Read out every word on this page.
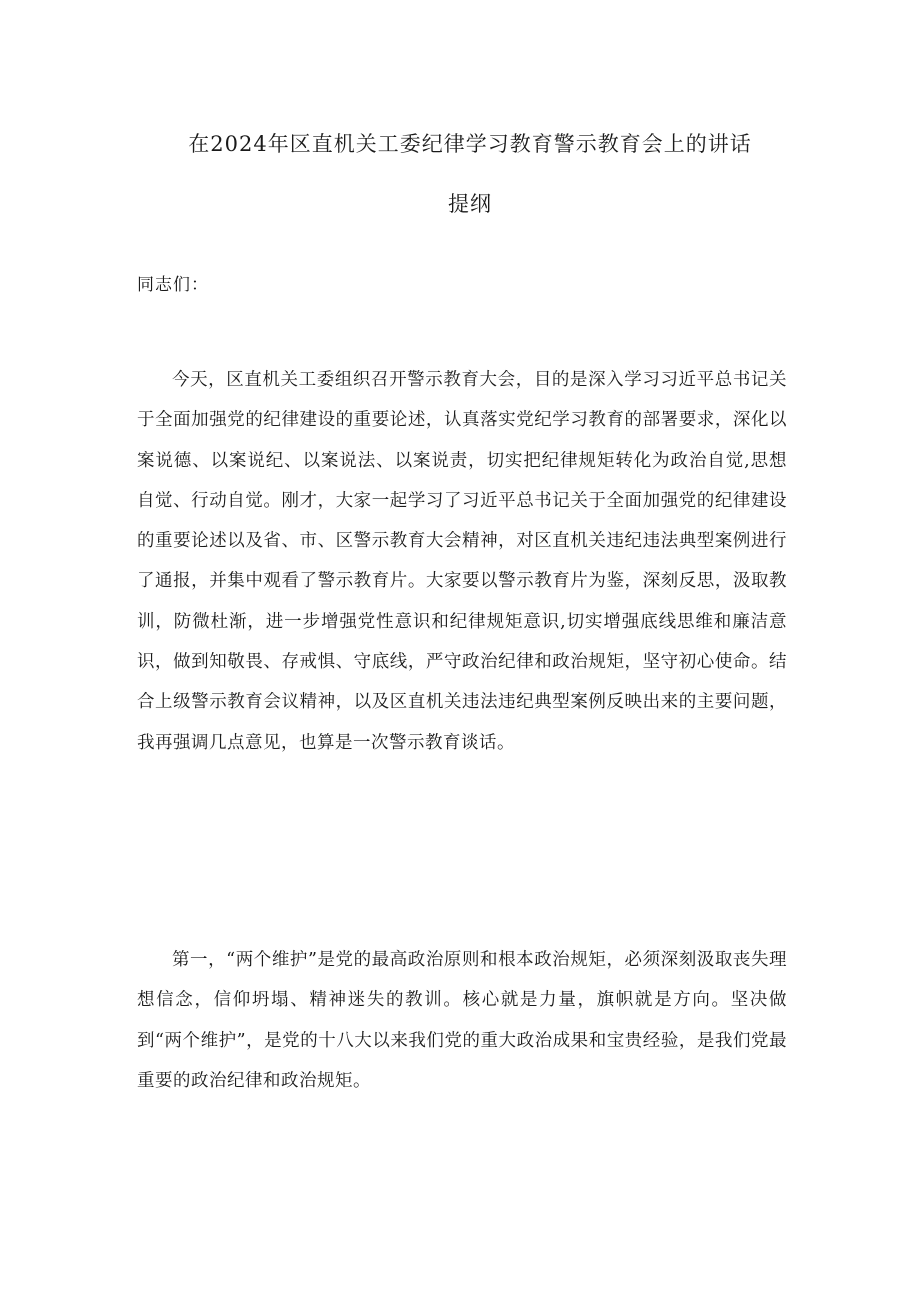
在2024年区直机关工委纪律学习教育警示教育会上的讲话
提纲
同志们：

今天，区直机关工委组织召开警示教育大会，目的是深入学习习近平总书记关于全面加强党的纪律建设的重要论述，认真落实党纪学习教育的部署要求，深化以案说德、以案说纪、以案说法、以案说责，切实把纪律规矩转化为政治自觉,思想自觉、行动自觉。刚才，大家一起学习了习近平总书记关于全面加强党的纪律建设的重要论述以及省、市、区警示教育大会精神，对区直机关违纪违法典型案例进行了通报，并集中观看了警示教育片。大家要以警示教育片为鉴，深刻反思，汲取教训，防微杜渐，进一步增强党性意识和纪律规矩意识,切实增强底线思维和廉洁意识，做到知敬畏、存戒惧、守底线，严守政治纪律和政治规矩，坚守初心使命。结合上级警示教育会议精神，以及区直机关违法违纪典型案例反映出来的主要问题，我再强调几点意见，也算是一次警示教育谈话。

第一，“两个维护”是党的最高政治原则和根本政治规矩，必须深刻汲取丧失理想信念，信仰坍塌、精神迷失的教训。核心就是力量，旗帜就是方向。坚决做到“两个维护”，是党的十八大以来我们党的重大政治成果和宝贵经验，是我们党最重要的政治纪律和政治规矩。
